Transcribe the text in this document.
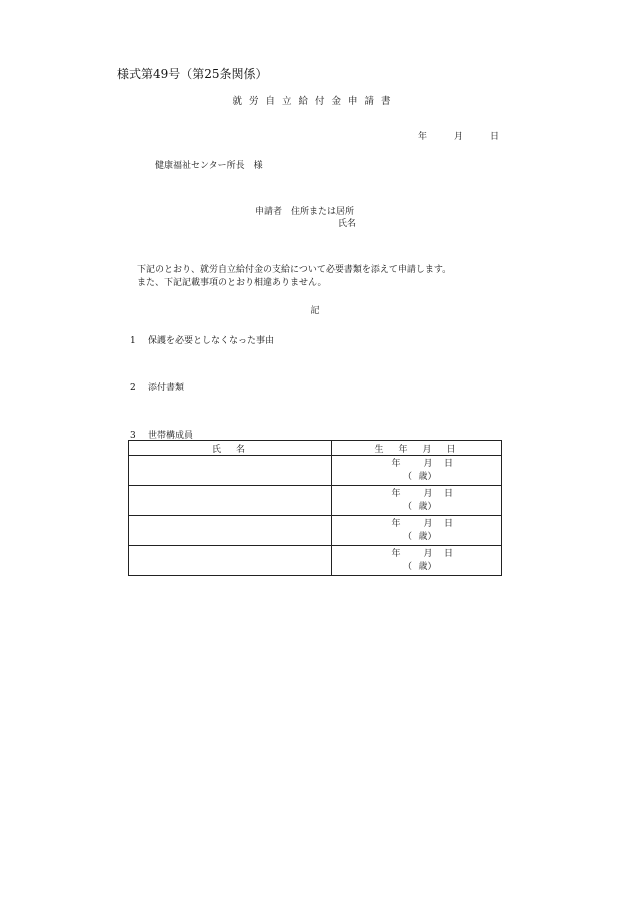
様式第49号（第25条関係）
就労自立給付金申請書
年	月	日
健康福祉センター所長　様
申請者　住所または居所
氏名
下記のとおり、就労自立給付金の支給について必要書類を添えて申請します。
また、下記記載事項のとおり相違ありません。
記
1 保護を必要としなくなった事由
2 添付書類
3 世帯構成員
氏　名	生　年　月　日

	年 月 日
（ 歳）

	年 月 日
（ 歳）

	年 月 日
（ 歳）

	年 月 日
（ 歳）
